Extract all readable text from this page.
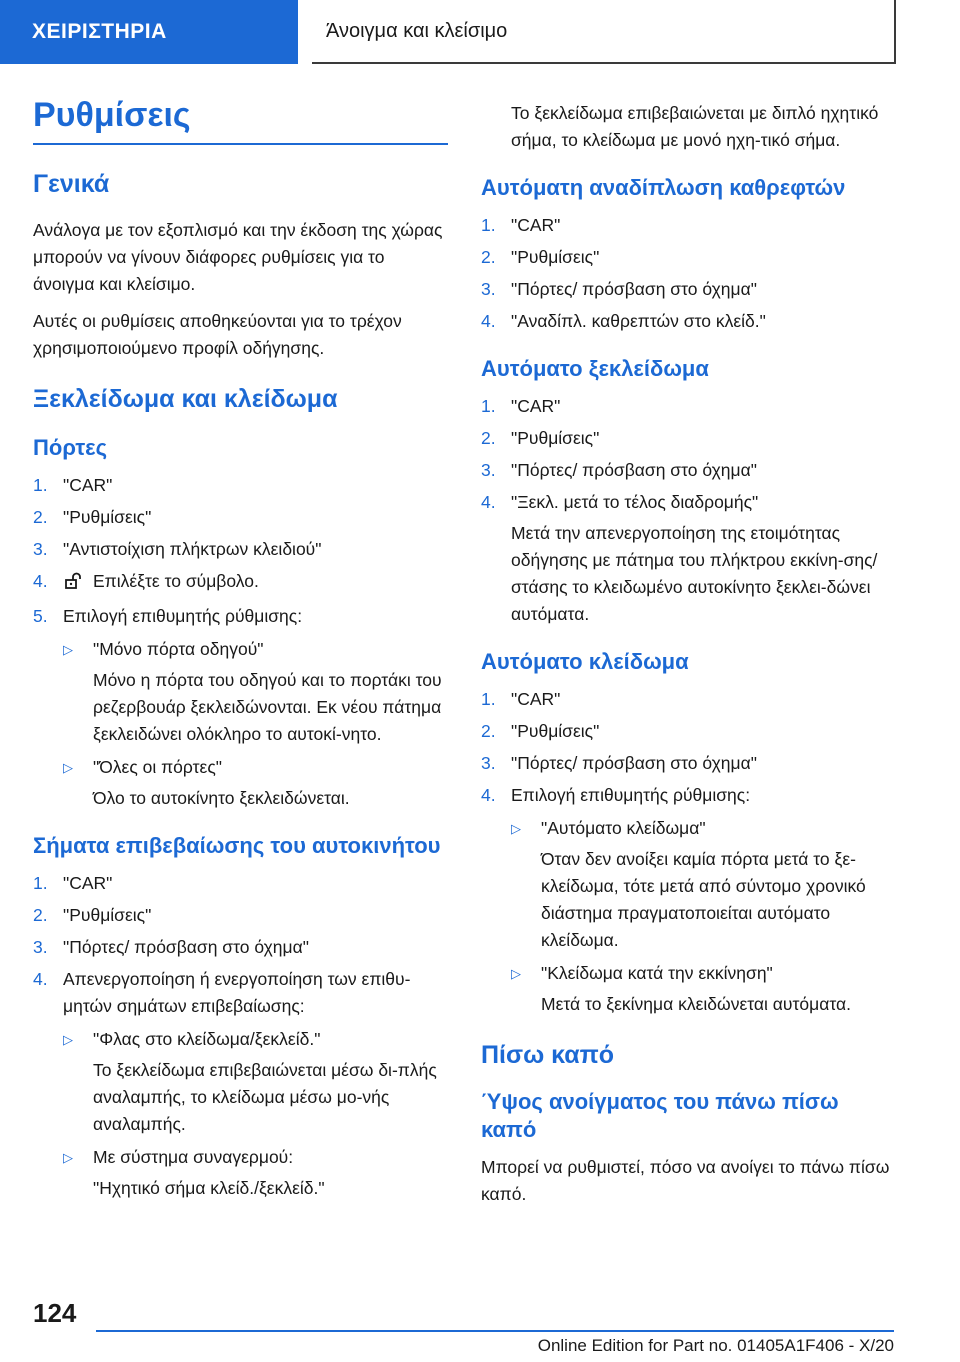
ΧΕΙΡΙΣΤΗΡΙΑ	Άνοιγμα και κλείσιμο
Ρυθμίσεις
Γενικά

Ανάλογα με τον εξοπλισμό και την έκδοση της χώρας μπορούν να γίνουν διάφορες ρυθμίσεις για το άνοιγμα και κλείσιμο.

Αυτές οι ρυθμίσεις αποθηκεύονται για το τρέχον χρησιμοποιούμενο προφίλ οδήγησης.

Ξεκλείδωμα και κλείδωμα
Πόρτες
1. "CAR"
2. "Ρυθμίσεις"
3. "Αντιστοίχιση πλήκτρων κλειδιού"
4.	Επιλέξτε το σύμβολο.
5. Επιλογή επιθυμητής ρύθμισης:
▷ "Μόνο πόρτα οδηγού"
Μόνο η πόρτα του οδηγού και το πορτάκι του ρεζερβουάρ ξεκλειδώνονται. Εκ νέου πάτημα ξεκλειδώνει ολόκληρο το αυτοκί-νητο.
▷ "Όλες οι πόρτες"
Όλο το αυτοκίνητο ξεκλειδώνεται.
Σήματα επιβεβαίωσης του αυτοκινήτου
1. "CAR"
2. "Ρυθμίσεις"
3. "Πόρτες/ πρόσβαση στο όχημα"
4. Απενεργοποίηση ή ενεργοποίηση των επιθυ-μητών σημάτων επιβεβαίωσης:
▷ "Φλας στο κλείδωμα/ξεκλείδ."
Το ξεκλείδωμα επιβεβαιώνεται μέσω δι-πλής αναλαμπής, το κλείδωμα μέσω μο-νής αναλαμπής.
▷ Με σύστημα συναγερμού:
"Ηχητικό σήμα κλείδ./ξεκλείδ."

Το ξεκλείδωμα επιβεβαιώνεται με διπλό ηχητικό σήμα, το κλείδωμα με μονό ηχη-τικό σήμα.

Αυτόματη αναδίπλωση καθρεφτών
1. "CAR"
2. "Ρυθμίσεις"
3. "Πόρτες/ πρόσβαση στο όχημα"
4. "Αναδίπλ. καθρεπτών στο κλείδ."
Αυτόματο ξεκλείδωμα
1. "CAR"
2. "Ρυθμίσεις"
3. "Πόρτες/ πρόσβαση στο όχημα"
4. "Ξεκλ. μετά το τέλος διαδρομής"
Μετά την απενεργοποίηση της ετοιμότητας οδήγησης με πάτημα του πλήκτρου εκκίνη-σης/στάσης το κλειδωμένο αυτοκίνητο ξεκλει-δώνει αυτόματα.
Αυτόματο κλείδωμα
1. "CAR"
2. "Ρυθμίσεις"
3. "Πόρτες/ πρόσβαση στο όχημα"
4. Επιλογή επιθυμητής ρύθμισης:
▷ "Αυτόματο κλείδωμα"
Όταν δεν ανοίξει καμία πόρτα μετά το ξε-κλείδωμα, τότε μετά από σύντομο χρονικό διάστημα πραγματοποιείται αυτόματο κλείδωμα.
▷ "Κλείδωμα κατά την εκκίνηση"
Μετά το ξεκίνημα κλειδώνεται αυτόματα.
Πίσω καπό
Ύψος ανοίγματος του πάνω πίσω καπό

Μπορεί να ρυθμιστεί, πόσο να ανοίγει το πάνω πίσω καπό.

124
Online Edition for Part no. 01405A1F406 - X/20
